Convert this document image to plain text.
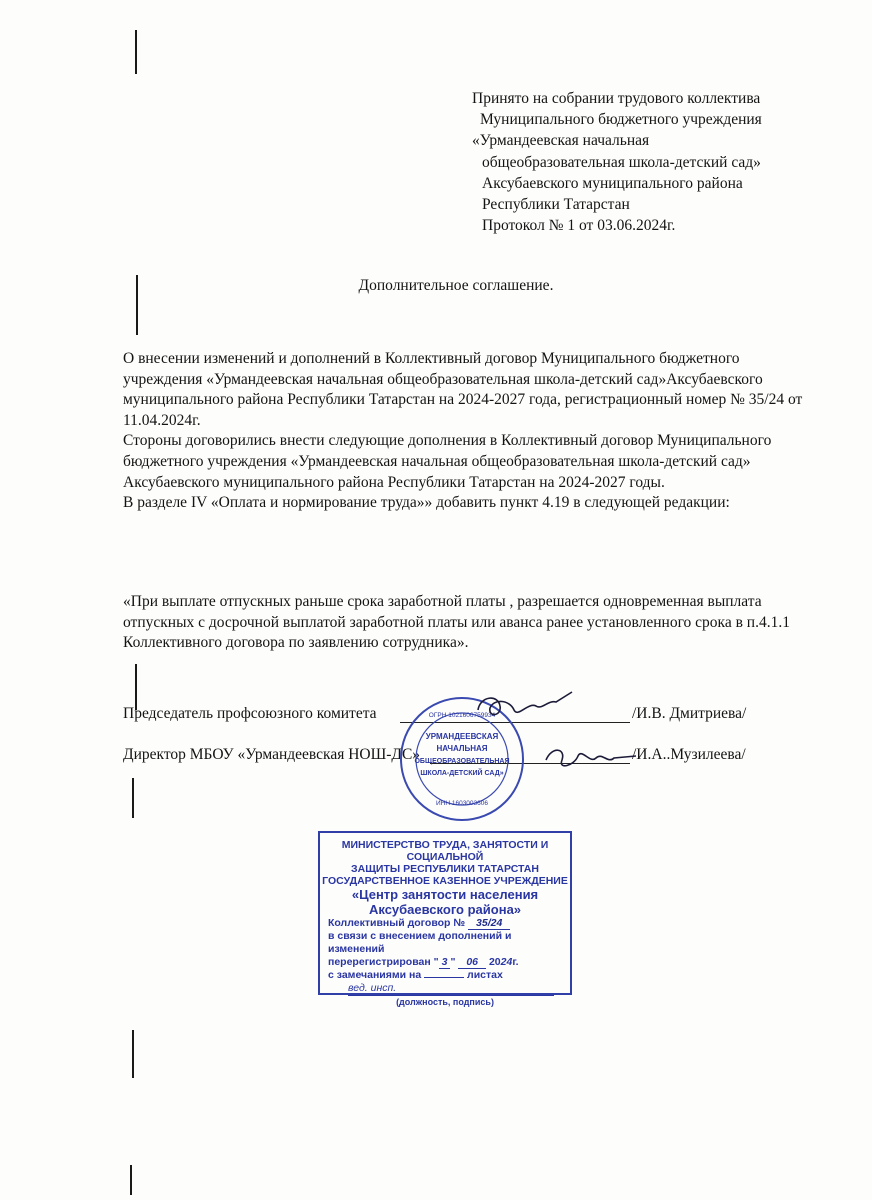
Принято на собрании трудового коллектива
Муниципального бюджетного учреждения
«Урмандеевская начальная
общеобразовательная школа-детский сад»
Аксубаевского муниципального района
Республики Татарстан
Протокол № 1 от 03.06.2024г.
Дополнительное соглашение.

О внесении изменений и дополнений в Коллективный договор Муниципального бюджетного учреждения «Урмандеевская начальная общеобразовательная школа-детский сад»Аксубаевского муниципального района Республики Татарстан на 2024-2027 года, регистрационный номер № 35/24 от 11.04.2024г.

Стороны договорились внести следующие дополнения в Коллективный договор Муниципального бюджетного учреждения «Урмандеевская начальная общеобразовательная школа-детский сад» Аксубаевского муниципального района Республики Татарстан на 2024-2027 годы.

В разделе IV «Оплата и нормирование труда»» добавить пункт 4.19 в следующей редакции:

«При выплате отпускных раньше срока заработной платы , разрешается одновременная выплата отпускных с досрочной выплатой заработной платы или аванса ранее установленного срока в п.4.1.1 Коллективного договора по заявлению сотрудника».
Председатель профсоюзного комитета	/И.В. Дмитриева/
Директор МБОУ «Урмандеевская НОШ-ДС»	/И.А..Музилеева/
УРМАНДЕЕВСКАЯ
НАЧАЛЬНАЯ
ОБЩЕОБРАЗОВАТЕЛЬНАЯ
ШКОЛА-ДЕТСКИЙ САД»
ОГРН 1021606759934
ИНН 1603003606
МИНИСТЕРСТВО ТРУДА, ЗАНЯТОСТИ И СОЦИАЛЬНОЙ
ЗАЩИТЫ РЕСПУБЛИКИ ТАТАРСТАН
ГОСУДАРСТВЕННОЕ КАЗЕННОЕ УЧРЕЖДЕНИЕ
«Центр занятости населения
Аксубаевского района»
Коллективный договор № 35/24
в связи с внесением дополнений и изменений
перерегистрирован " 3 " 06 2024г.
с замечаниями на	листах
вед. инсп.
(должность, подпись)
